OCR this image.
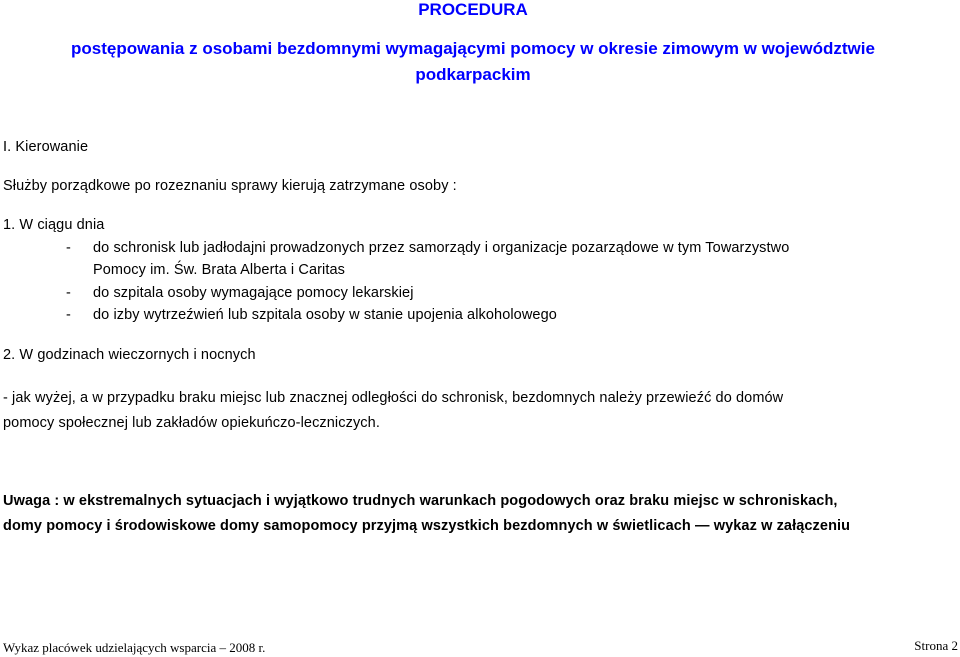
PROCEDURA
postępowania z osobami bezdomnymi wymagającymi pomocy w okresie zimowym w województwie
podkarpackim
I. Kierowanie
Służby porządkowe po rozeznaniu sprawy kierują zatrzymane osoby :
1. W ciągu dnia
- do schronisk lub jadłodajni prowadzonych przez samorządy i organizacje pozarządowe w tym Towarzystwo
Pomocy im. Św. Brata Alberta i Caritas
- do szpitala osoby wymagające pomocy lekarskiej
- do izby wytrzeźwień lub szpitala osoby w stanie upojenia alkoholowego
2. W godzinach wieczornych i nocnych
- jak wyżej, a w przypadku braku miejsc lub znacznej odległości do schronisk, bezdomnych należy przewieźć do domów
pomocy społecznej lub zakładów opiekuńczo-leczniczych.
Uwaga : w ekstremalnych sytuacjach i wyjątkowo trudnych warunkach pogodowych oraz braku miejsc w schroniskach,
domy pomocy i środowiskowe domy samopomocy przyjmą wszystkich bezdomnych w świetlicach — wykaz w załączeniu
Wykaz placówek udzielających wsparcia – 2008 r.	Strona 2
